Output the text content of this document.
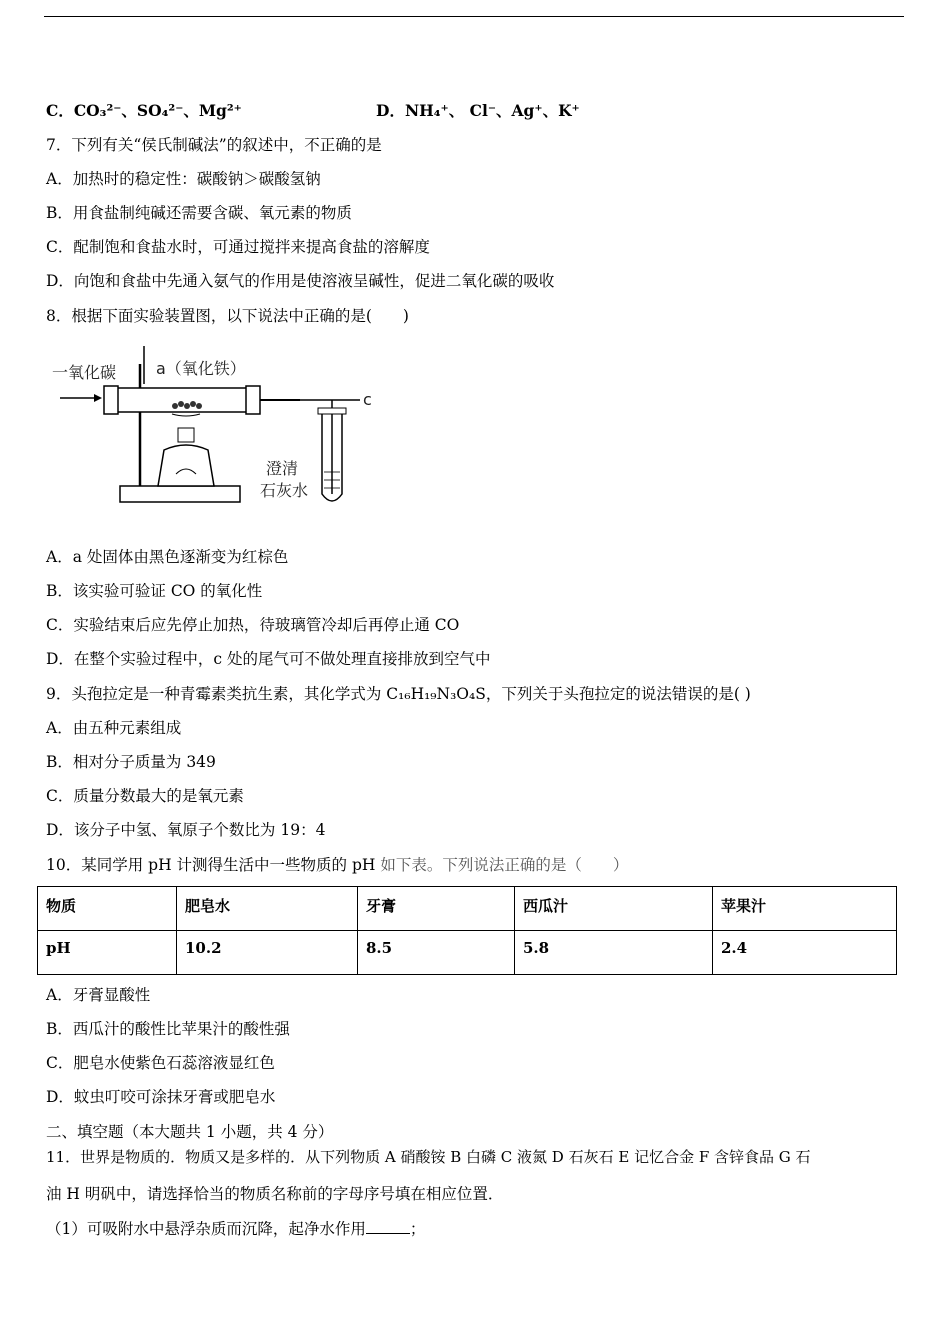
C．CO₃²⁻、SO₄²⁻、Mg²⁺	D．NH₄⁺、 Cl⁻、Ag⁺、K⁺
7．下列有关“侯氏制碱法”的叙述中，不正确的是
A．加热时的稳定性：碳酸钠＞碳酸氢钠
B．用食盐制纯碱还需要含碳、氧元素的物质
C．配制饱和食盐水时，可通过搅拌来提高食盐的溶解度
D．向饱和食盐中先通入氨气的作用是使溶液呈碱性，促进二氧化碳的吸收
8．根据下面实验装置图，以下说法中正确的是(　　)
一氧化碳 a（氧化铁）
c
澄清
石灰水
A．a 处固体由黑色逐渐变为红棕色
B．该实验可验证 CO 的氧化性
C．实验结束后应先停止加热，待玻璃管冷却后再停止通 CO
D．在整个实验过程中，c 处的尾气可不做处理直接排放到空气中
9．头孢拉定是一种青霉素类抗生素，其化学式为 C₁₆H₁₉N₃O₄S，下列关于头孢拉定的说法错误的是( )
A．由五种元素组成
B．相对分子质量为 349
C．质量分数最大的是氧元素
D．该分子中氢、氧原子个数比为 19：4
10．某同学用 pH 计测得生活中一些物质的 pH 如下表。下列说法正确的是（　　）
物质	肥皂水	牙膏	西瓜汁	苹果汁
pH	10.2	8.5	5.8	2.4
A．牙膏显酸性
B．西瓜汁的酸性比苹果汁的酸性强
C．肥皂水使紫色石蕊溶液显红色
D．蚊虫叮咬可涂抹牙膏或肥皂水
二、填空题（本大题共 1 小题，共 4 分）
11．世界是物质的．物质又是多样的．从下列物质 A 硝酸铵 B 白磷 C 液氮 D 石灰石 E 记忆合金 F 含锌食品 G 石
油 H 明矾中，请选择恰当的物质名称前的字母序号填在相应位置．
（1）可吸附水中悬浮杂质而沉降，起净水作用	；
